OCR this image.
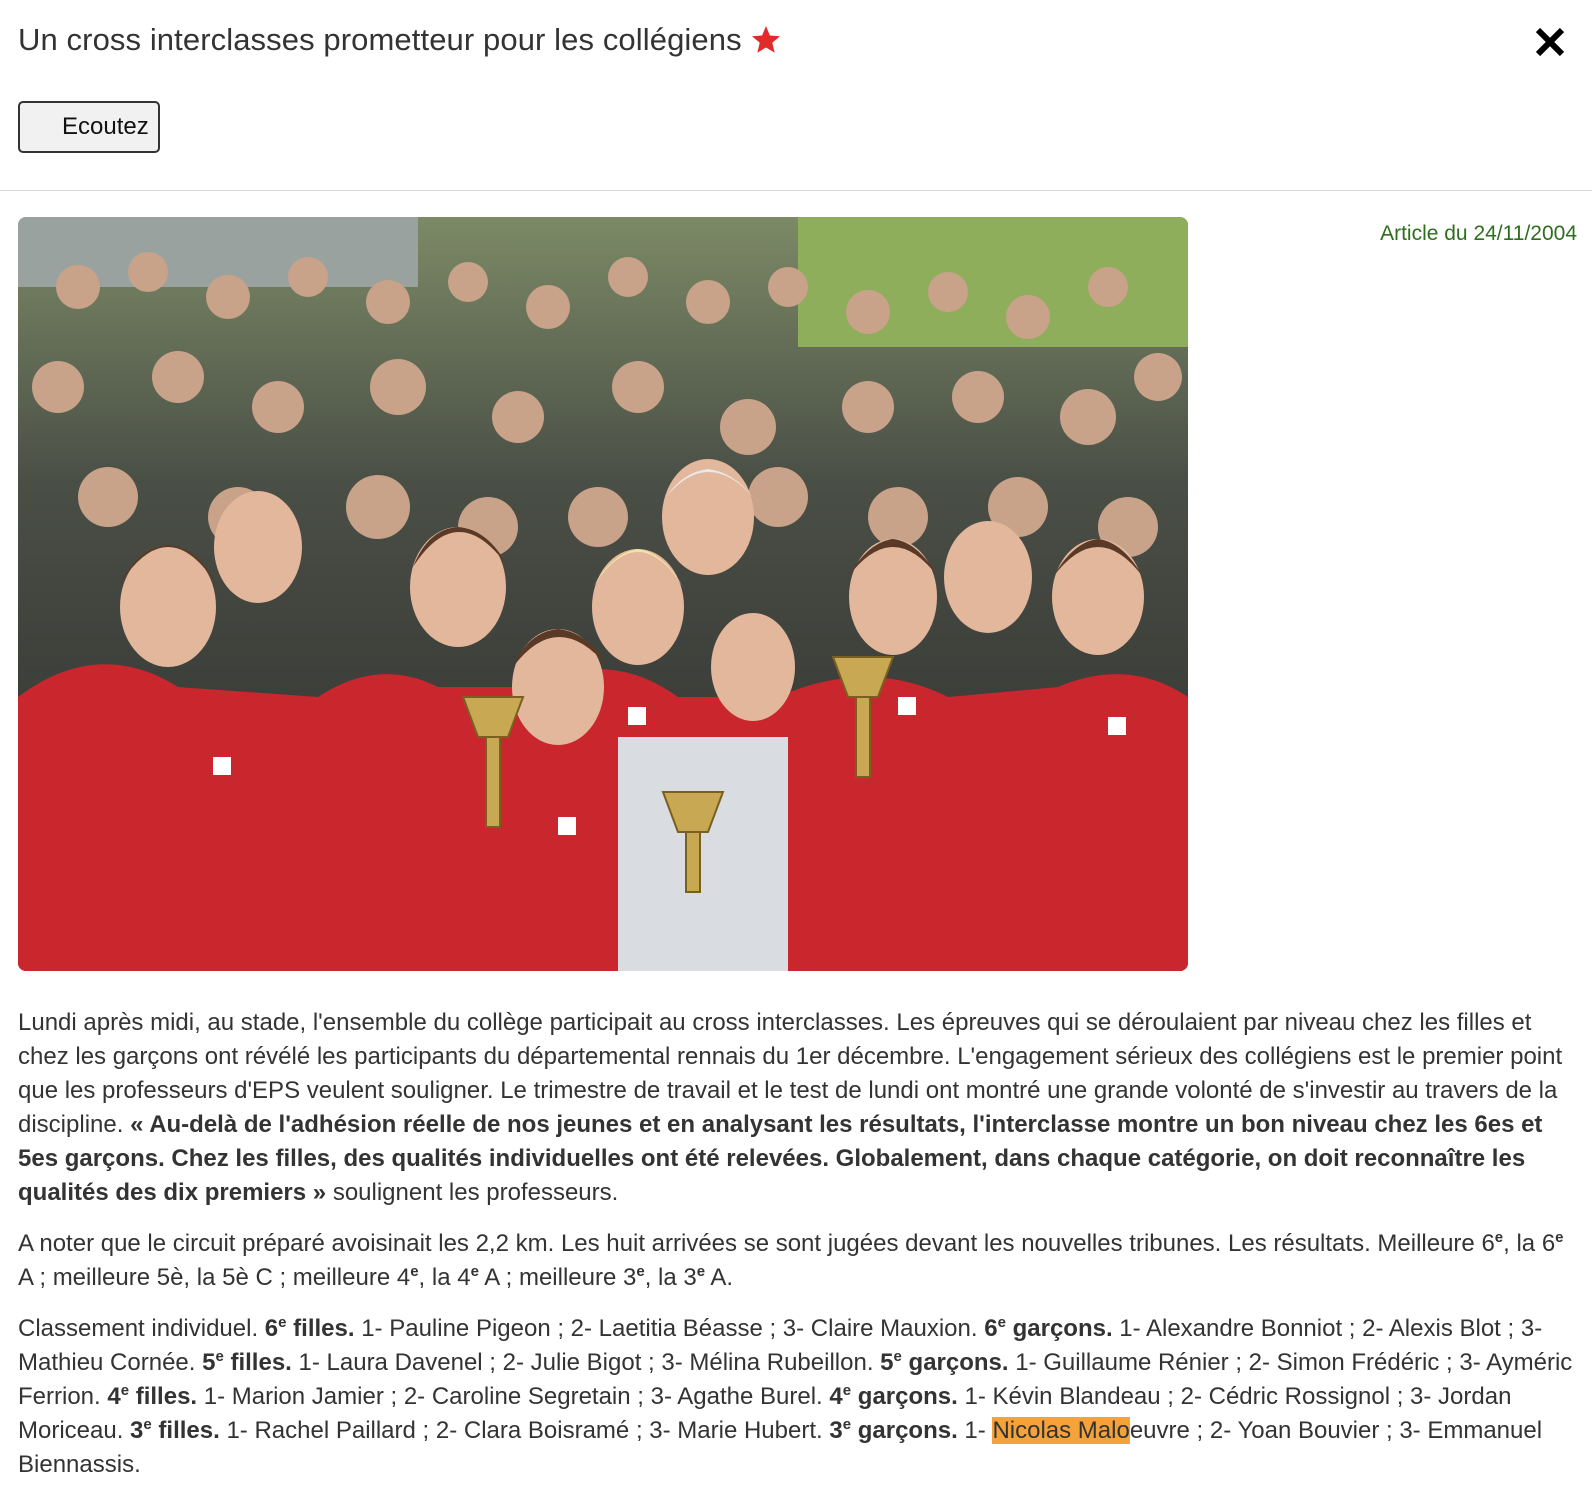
Un cross interclasses prometteur pour les collégiens
Ecoutez
Article du 24/11/2004

Lundi après midi, au stade, l'ensemble du collège participait au cross interclasses. Les épreuves qui se déroulaient par niveau chez les filles et chez les garçons ont révélé les participants du départemental rennais du 1er décembre. L'engagement sérieux des collégiens est le premier point que les professeurs d'EPS veulent souligner. Le trimestre de travail et le test de lundi ont montré une grande volonté de s'investir au travers de la discipline. « Au-delà de l'adhésion réelle de nos jeunes et en analysant les résultats, l'interclasse montre un bon niveau chez les 6es et 5es garçons. Chez les filles, des qualités individuelles ont été relevées. Globalement, dans chaque catégorie, on doit reconnaître les qualités des dix premiers » soulignent les professeurs.

A noter que le circuit préparé avoisinait les 2,2 km. Les huit arrivées se sont jugées devant les nouvelles tribunes. Les résultats. Meilleure 6e, la 6e A ; meilleure 5è, la 5è C ; meilleure 4e, la 4e A ; meilleure 3e, la 3e A.

Classement individuel. 6e filles. 1- Pauline Pigeon ; 2- Laetitia Béasse ; 3- Claire Mauxion. 6e garçons. 1- Alexandre Bonniot ; 2- Alexis Blot ; 3- Mathieu Cornée. 5e filles. 1- Laura Davenel ; 2- Julie Bigot ; 3- Mélina Rubeillon. 5e garçons. 1- Guillaume Rénier ; 2- Simon Frédéric ; 3- Ayméric Ferrion. 4e filles. 1- Marion Jamier ; 2- Caroline Segretain ; 3- Agathe Burel. 4e garçons. 1- Kévin Blandeau ; 2- Cédric Rossignol ; 3- Jordan Moriceau. 3e filles. 1- Rachel Paillard ; 2- Clara Boisramé ; 3- Marie Hubert. 3e garçons. 1- Nicolas Maloeuvre ; 2- Yoan Bouvier ; 3- Emmanuel Biennassis.
